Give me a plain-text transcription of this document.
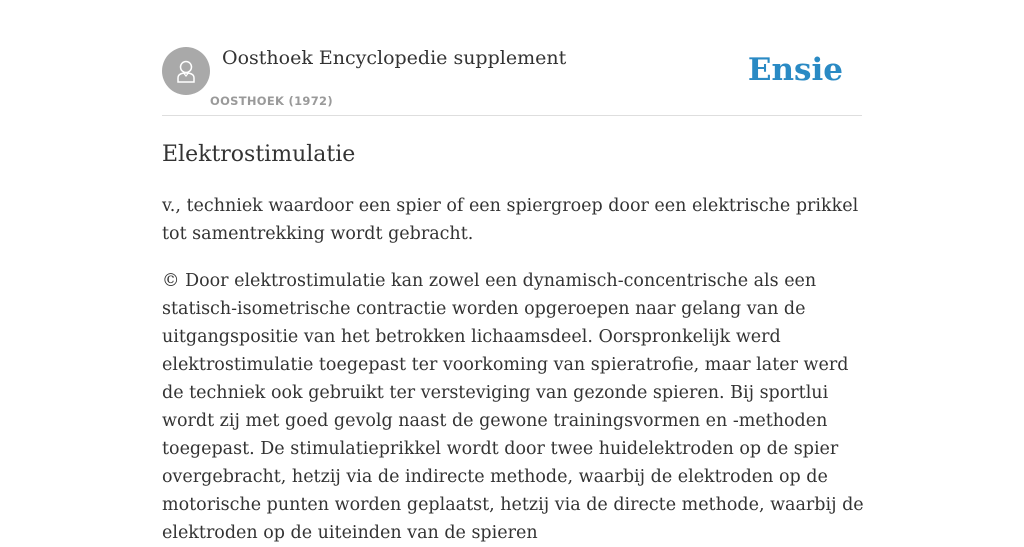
Oosthoek Encyclopedie supplement
OOSTHOEK (1972)
Ensie
Elektrostimulatie

v., techniek waardoor een spier of een spiergroep door een elektrische prikkel tot samentrekking wordt gebracht.

© Door elektrostimulatie kan zowel een dynamisch-concentrische als een statisch-isometrische contractie worden opgeroepen naar gelang van de uitgangspositie van het betrokken lichaamsdeel. Oorspronkelijk werd elektrostimulatie toegepast ter voorkoming van spieratrofie, maar later werd de techniek ook gebruikt ter versteviging van gezonde spieren. Bij sportlui wordt zij met goed gevolg naast de gewone trainingsvormen en -methoden toegepast. De stimulatieprikkel wordt door twee huidelektroden op de spier overgebracht, hetzij via de indirecte methode, waarbij de elektroden op de motorische punten worden geplaatst, hetzij via de directe methode, waarbij de elektroden op de uiteinden van de spieren
